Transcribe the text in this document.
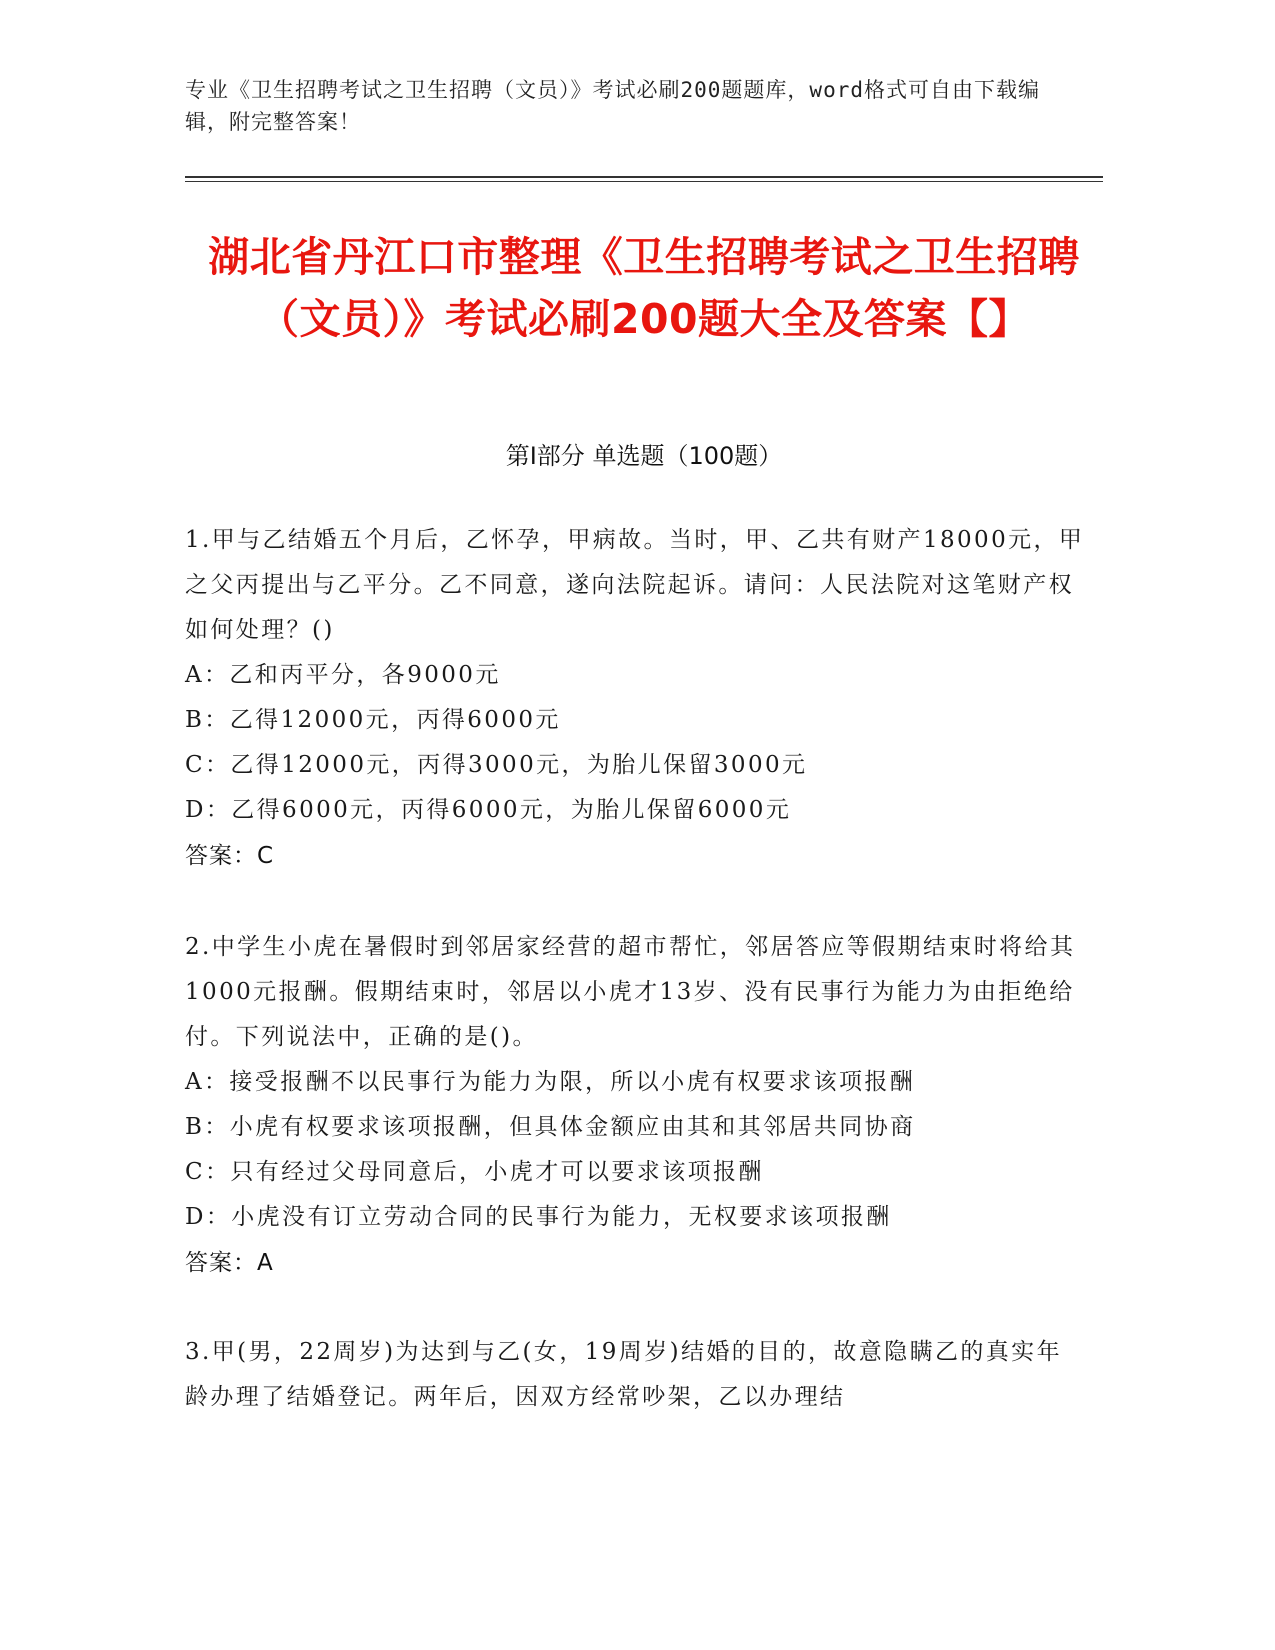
专业《卫生招聘考试之卫生招聘（文员）》考试必刷200题题库，word格式可自由下载编辑，附完整答案！
湖北省丹江口市整理《卫生招聘考试之卫生招聘（文员）》考试必刷200题大全及答案【】
第Ⅰ部分 单选题（100题）
1.甲与乙结婚五个月后，乙怀孕，甲病故。当时，甲、乙共有财产18000元，甲之父丙提出与乙平分。乙不同意，遂向法院起诉。请问：人民法院对这笔财产权如何处理？()
A：乙和丙平分，各9000元
B：乙得12000元，丙得6000元
C：乙得12000元，丙得3000元，为胎儿保留3000元
D：乙得6000元，丙得6000元，为胎儿保留6000元
答案：C
2.中学生小虎在暑假时到邻居家经营的超市帮忙，邻居答应等假期结束时将给其1000元报酬。假期结束时，邻居以小虎才13岁、没有民事行为能力为由拒绝给付。下列说法中，正确的是()。
A：接受报酬不以民事行为能力为限，所以小虎有权要求该项报酬
B：小虎有权要求该项报酬，但具体金额应由其和其邻居共同协商
C：只有经过父母同意后，小虎才可以要求该项报酬
D：小虎没有订立劳动合同的民事行为能力，无权要求该项报酬
答案：A
3.甲(男，22周岁)为达到与乙(女，19周岁)结婚的目的，故意隐瞒乙的真实年龄办理了结婚登记。两年后，因双方经常吵架，乙以办理结
